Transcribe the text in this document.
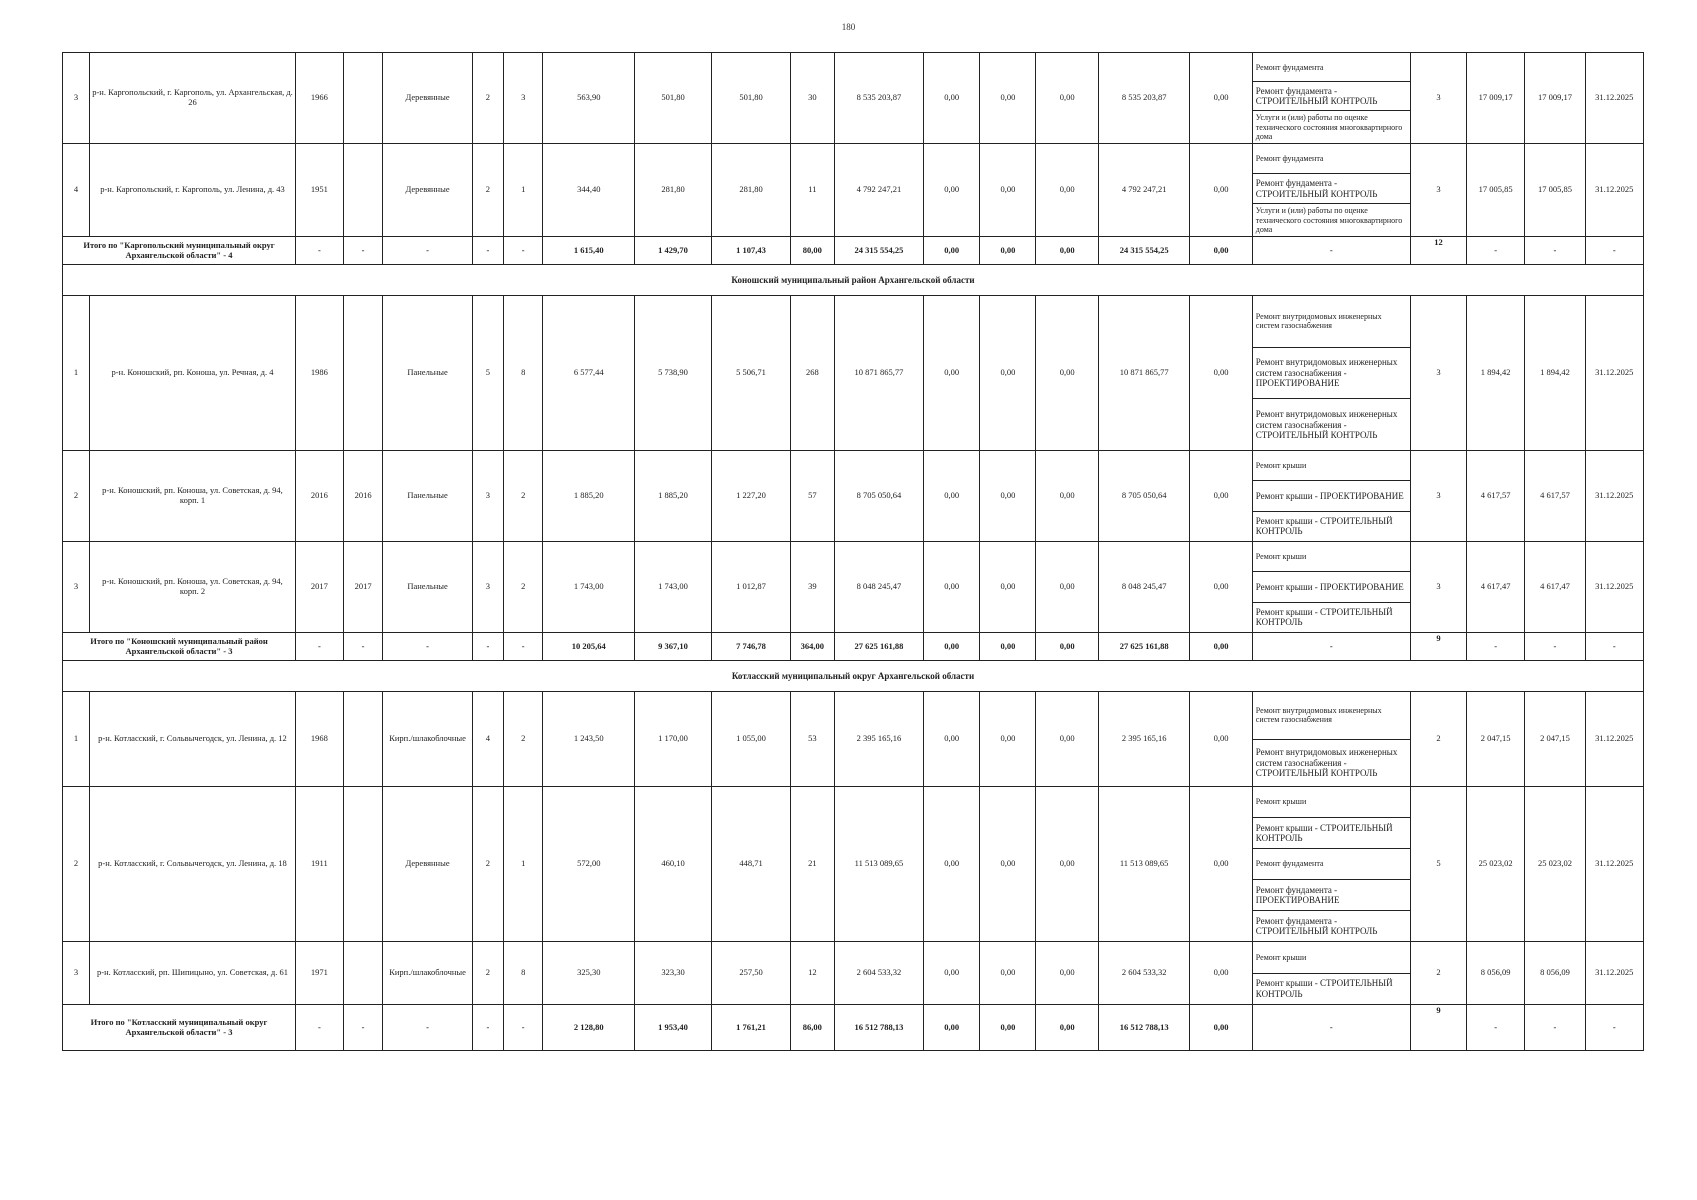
180
3	р-н. Каргопольский, г. Каргополь, ул. Архангельская, д. 26	1966		Деревянные	2	3	563,90	501,80	501,80	30	8 535 203,87	0,00	0,00	0,00	8 535 203,87	0,00	Ремонт фундамента
Ремонт фундамента - СТРОИТЕЛЬНЫЙ КОНТРОЛЬ
Услуги и (или) работы по оценке технического состояния многоквартирного дома	3	17 009,17	17 009,17	31.12.2025
4	р-н. Каргопольский, г. Каргополь, ул. Ленина, д. 43	1951		Деревянные	2	1	344,40	281,80	281,80	11	4 792 247,21	0,00	0,00	0,00	4 792 247,21	0,00	Ремонт фундамента
Ремонт фундамента - СТРОИТЕЛЬНЫЙ КОНТРОЛЬ
Услуги и (или) работы по оценке технического состояния многоквартирного дома	3	17 005,85	17 005,85	31.12.2025
Итого по "Каргопольский муниципальный округ Архангельской области" - 4		-	-	-	-	-	1 615,40	1 429,70	1 107,43	80,00	24 315 554,25	0,00	0,00	0,00	24 315 554,25	0,00	-	12	-	-	-
Коношский муниципальный район Архангельской области																					
1	р-н. Коношский, рп. Коноша, ул. Речная, д. 4	1986		Панельные	5	8	6 577,44	5 738,90	5 506,71	268	10 871 865,77	0,00	0,00	0,00	10 871 865,77	0,00	Ремонт внутридомовых инженерных систем газоснабжения
Ремонт внутридомовых инженерных систем газоснабжения - ПРОЕКТИРОВАНИЕ
Ремонт внутридомовых инженерных систем газоснабжения - СТРОИТЕЛЬНЫЙ КОНТРОЛЬ	3	1 894,42	1 894,42	31.12.2025
2	р-н. Коношский, рп. Коноша, ул. Советская, д. 94, корп. 1	2016	2016	Панельные	3	2	1 885,20	1 885,20	1 227,20	57	8 705 050,64	0,00	0,00	0,00	8 705 050,64	0,00	Ремонт крыши
Ремонт крыши - ПРОЕКТИРОВАНИЕ
Ремонт крыши - СТРОИТЕЛЬНЫЙ КОНТРОЛЬ	3	4 617,57	4 617,57	31.12.2025
3	р-н. Коношский, рп. Коноша, ул. Советская, д. 94, корп. 2	2017	2017	Панельные	3	2	1 743,00	1 743,00	1 012,87	39	8 048 245,47	0,00	0,00	0,00	8 048 245,47	0,00	Ремонт крыши
Ремонт крыши - ПРОЕКТИРОВАНИЕ
Ремонт крыши - СТРОИТЕЛЬНЫЙ КОНТРОЛЬ	3	4 617,47	4 617,47	31.12.2025
Итого по "Коношский муниципальный район Архангельской области" - 3		-	-	-	-	-	10 205,64	9 367,10	7 746,78	364,00	27 625 161,88	0,00	0,00	0,00	27 625 161,88	0,00	-	9	-	-	-
Котласский муниципальный округ Архангельской области																					
1	р-н. Котласский, г. Сольвычегодск, ул. Ленина, д. 12	1968		Кирп./шлакоблочные	4	2	1 243,50	1 170,00	1 055,00	53	2 395 165,16	0,00	0,00	0,00	2 395 165,16	0,00	Ремонт внутридомовых инженерных систем газоснабжения
Ремонт внутридомовых инженерных систем газоснабжения - СТРОИТЕЛЬНЫЙ КОНТРОЛЬ	2	2 047,15	2 047,15	31.12.2025
2	р-н. Котласский, г. Сольвычегодск, ул. Ленина, д. 18	1911		Деревянные	2	1	572,00	460,10	448,71	21	11 513 089,65	0,00	0,00	0,00	11 513 089,65	0,00	Ремонт крыши
Ремонт крыши - СТРОИТЕЛЬНЫЙ КОНТРОЛЬ
Ремонт фундамента
Ремонт фундамента - ПРОЕКТИРОВАНИЕ
Ремонт фундамента - СТРОИТЕЛЬНЫЙ КОНТРОЛЬ	5	25 023,02	25 023,02	31.12.2025
3	р-н. Котласский, рп. Шипицыно, ул. Советская, д. 61	1971		Кирп./шлакоблочные	2	8	325,30	323,30	257,50	12	2 604 533,32	0,00	0,00	0,00	2 604 533,32	0,00	Ремонт крыши
Ремонт крыши - СТРОИТЕЛЬНЫЙ КОНТРОЛЬ	2	8 056,09	8 056,09	31.12.2025
Итого по "Котласский муниципальный округ Архангельской области" - 3		-	-	-	-	-	2 128,80	1 953,40	1 761,21	86,00	16 512 788,13	0,00	0,00	0,00	16 512 788,13	0,00	-	9	-	-	-
